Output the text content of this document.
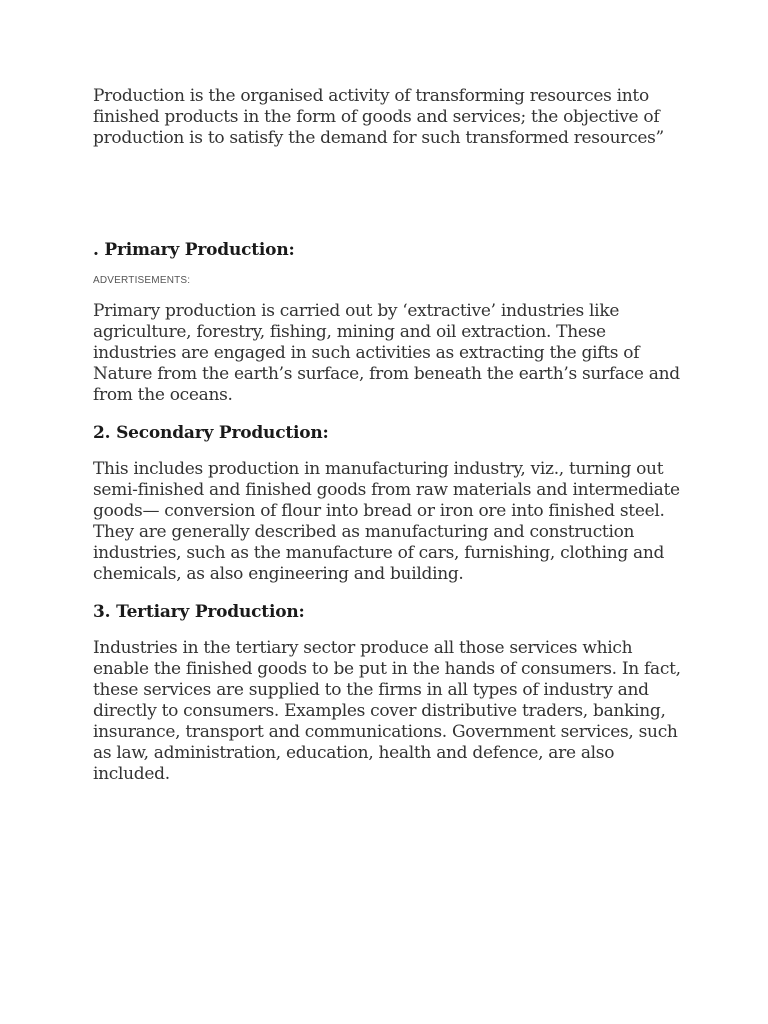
Production is the organised activity of transforming resources into finished products in the form of goods and services; the objective of production is to satisfy the demand for such transformed resources”

. Primary Production:
ADVERTISEMENTS:

Primary production is carried out by ‘extractive’ industries like agriculture, forestry, fishing, mining and oil extraction. These industries are engaged in such activities as extracting the gifts of Nature from the earth’s surface, from beneath the earth’s surface and from the oceans.

2. Secondary Production:

This includes production in manufacturing industry, viz., turning out semi-finished and finished goods from raw materials and intermediate goods— conversion of flour into bread or iron ore into finished steel. They are generally described as manufacturing and construction industries, such as the manufacture of cars, furnishing, clothing and chemicals, as also engineering and building.

3. Tertiary Production:

Industries in the tertiary sector produce all those services which enable the finished goods to be put in the hands of consumers. In fact, these services are supplied to the firms in all types of industry and directly to consumers. Examples cover distributive traders, banking, insurance, transport and communications. Government services, such as law, administration, education, health and defence, are also included.
